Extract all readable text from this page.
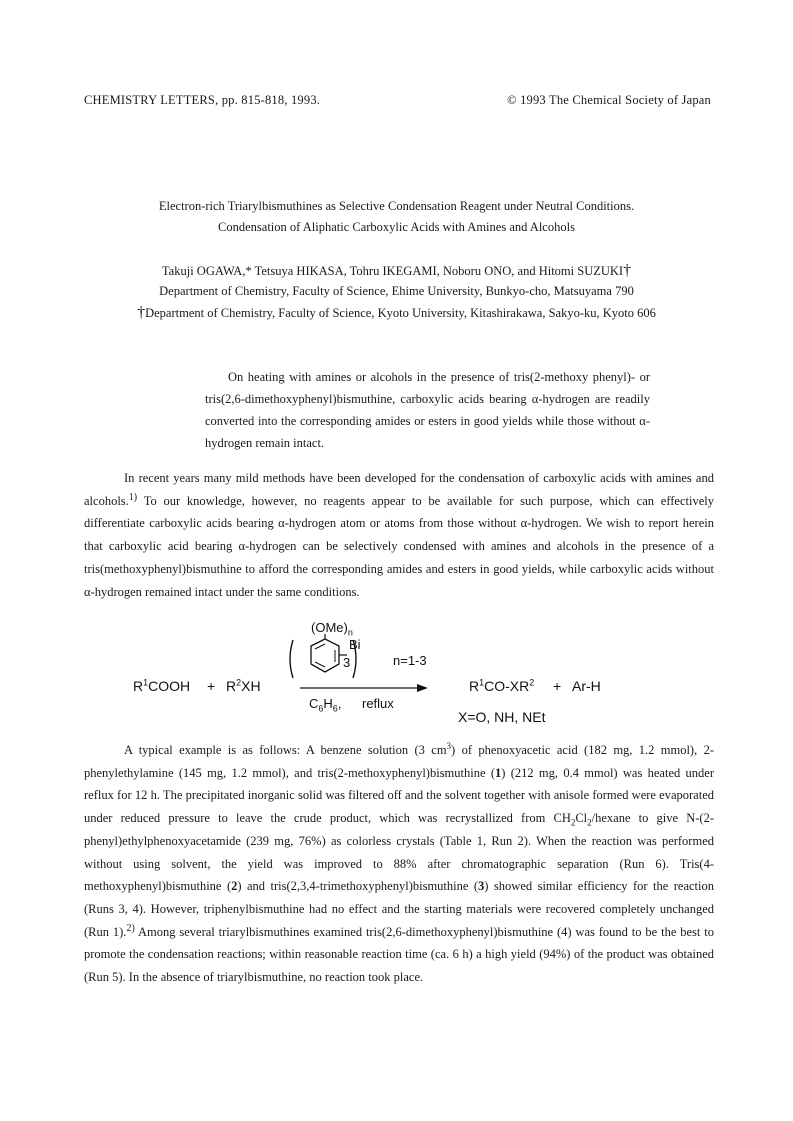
CHEMISTRY LETTERS, pp. 815-818, 1993.	© 1993 The Chemical Society of Japan
Electron-rich Triarylbismuthines as Selective Condensation Reagent under Neutral Conditions.
Condensation of Aliphatic Carboxylic Acids with Amines and Alcohols
Takuji OGAWA,* Tetsuya HIKASA, Tohru IKEGAMI, Noboru ONO, and Hitomi SUZUKI†
Department of Chemistry, Faculty of Science, Ehime University, Bunkyo-cho, Matsuyama 790
†Department of Chemistry, Faculty of Science, Kyoto University, Kitashirakawa, Sakyo-ku, Kyoto 606
On heating with amines or alcohols in the presence of tris(2-methoxy phenyl)- or tris(2,6-dimethoxyphenyl)bismuthine, carboxylic acids bearing α-hydrogen are readily converted into the corresponding amides or esters in good yields while those without α-hydrogen remain intact.
In recent years many mild methods have been developed for the condensation of carboxylic acids with amines and alcohols.$^{1)}$ To our knowledge, however, no reagents appear to be available for such purpose, which can effectively differentiate carboxylic acids bearing α-hydrogen atom or atoms from those without α-hydrogen. We wish to report herein that carboxylic acid bearing α-hydrogen can be selectively condensed with amines and alcohols in the presence of a tris(methoxyphenyl)bismuthine to afford the corresponding amides and esters in good yields, while carboxylic acids without α-hydrogen remained intact under the same conditions.
$(OMe)_n$
Bi
3	n=1-3
$R^1COOH + R^2XH$
$C_6H_6$, reflux
$R^1CO-XR^2 + Ar-H$
X=O, NH, NEt
A typical example is as follows: A benzene solution (3 $cm^3$) of phenoxyacetic acid (182 mg, 1.2 mmol), 2-phenylethylamine (145 mg, 1.2 mmol), and tris(2-methoxyphenyl)bismuthine (1) (212 mg, 0.4 mmol) was heated under reflux for 12 h. The precipitated inorganic solid was filtered off and the solvent together with anisole formed were evaporated under reduced pressure to leave the crude product, which was recrystallized from $CH_2Cl_2$/hexane to give N-(2-phenyl)ethylphenoxyacetamide (239 mg, 76%) as colorless crystals (Table 1, Run 2). When the reaction was performed without using solvent, the yield was improved to 88% after chromatographic separation (Run 6). Tris(4-methoxyphenyl)bismuthine (2) and tris(2,3,4-trimethoxyphenyl)bismuthine (3) showed similar efficiency for the reaction (Runs 3, 4). However, triphenylbismuthine had no effect and the starting materials were recovered completely unchanged (Run 1).$^{2)}$ Among several triarylbismuthines examined tris(2,6-dimethoxyphenyl)bismuthine (4) was found to be the best to promote the condensation reactions; within reasonable reaction time (ca. 6 h) a high yield (94%) of the product was obtained (Run 5). In the absence of triarylbismuthine, no reaction took place.
